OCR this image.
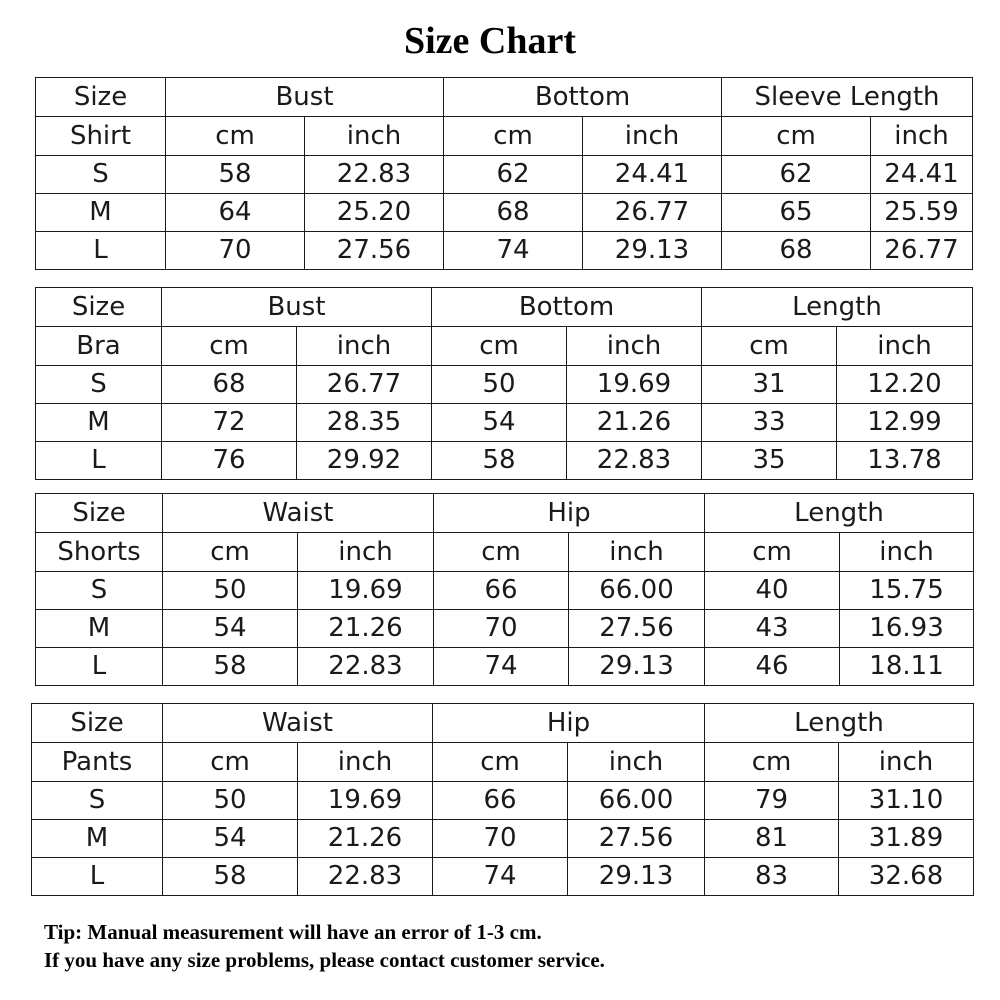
Size Chart
Size	Bust		Bottom		Sleeve Length	
Shirt	cm	inch	cm	inch	cm	inch
S	58	22.83	62	24.41	62	24.41
M	64	25.20	68	26.77	65	25.59
L	70	27.56	74	29.13	68	26.77
Size	Bust		Bottom		Length	
Bra	cm	inch	cm	inch	cm	inch
S	68	26.77	50	19.69	31	12.20
M	72	28.35	54	21.26	33	12.99
L	76	29.92	58	22.83	35	13.78
Size	Waist		Hip		Length	
Shorts	cm	inch	cm	inch	cm	inch
S	50	19.69	66	66.00	40	15.75
M	54	21.26	70	27.56	43	16.93
L	58	22.83	74	29.13	46	18.11
Size	Waist		Hip		Length	
Pants	cm	inch	cm	inch	cm	inch
S	50	19.69	66	66.00	79	31.10
M	54	21.26	70	27.56	81	31.89
L	58	22.83	74	29.13	83	32.68
Tip: Manual measurement will have an error of 1-3 cm.
If you have any size problems, please contact customer service.
